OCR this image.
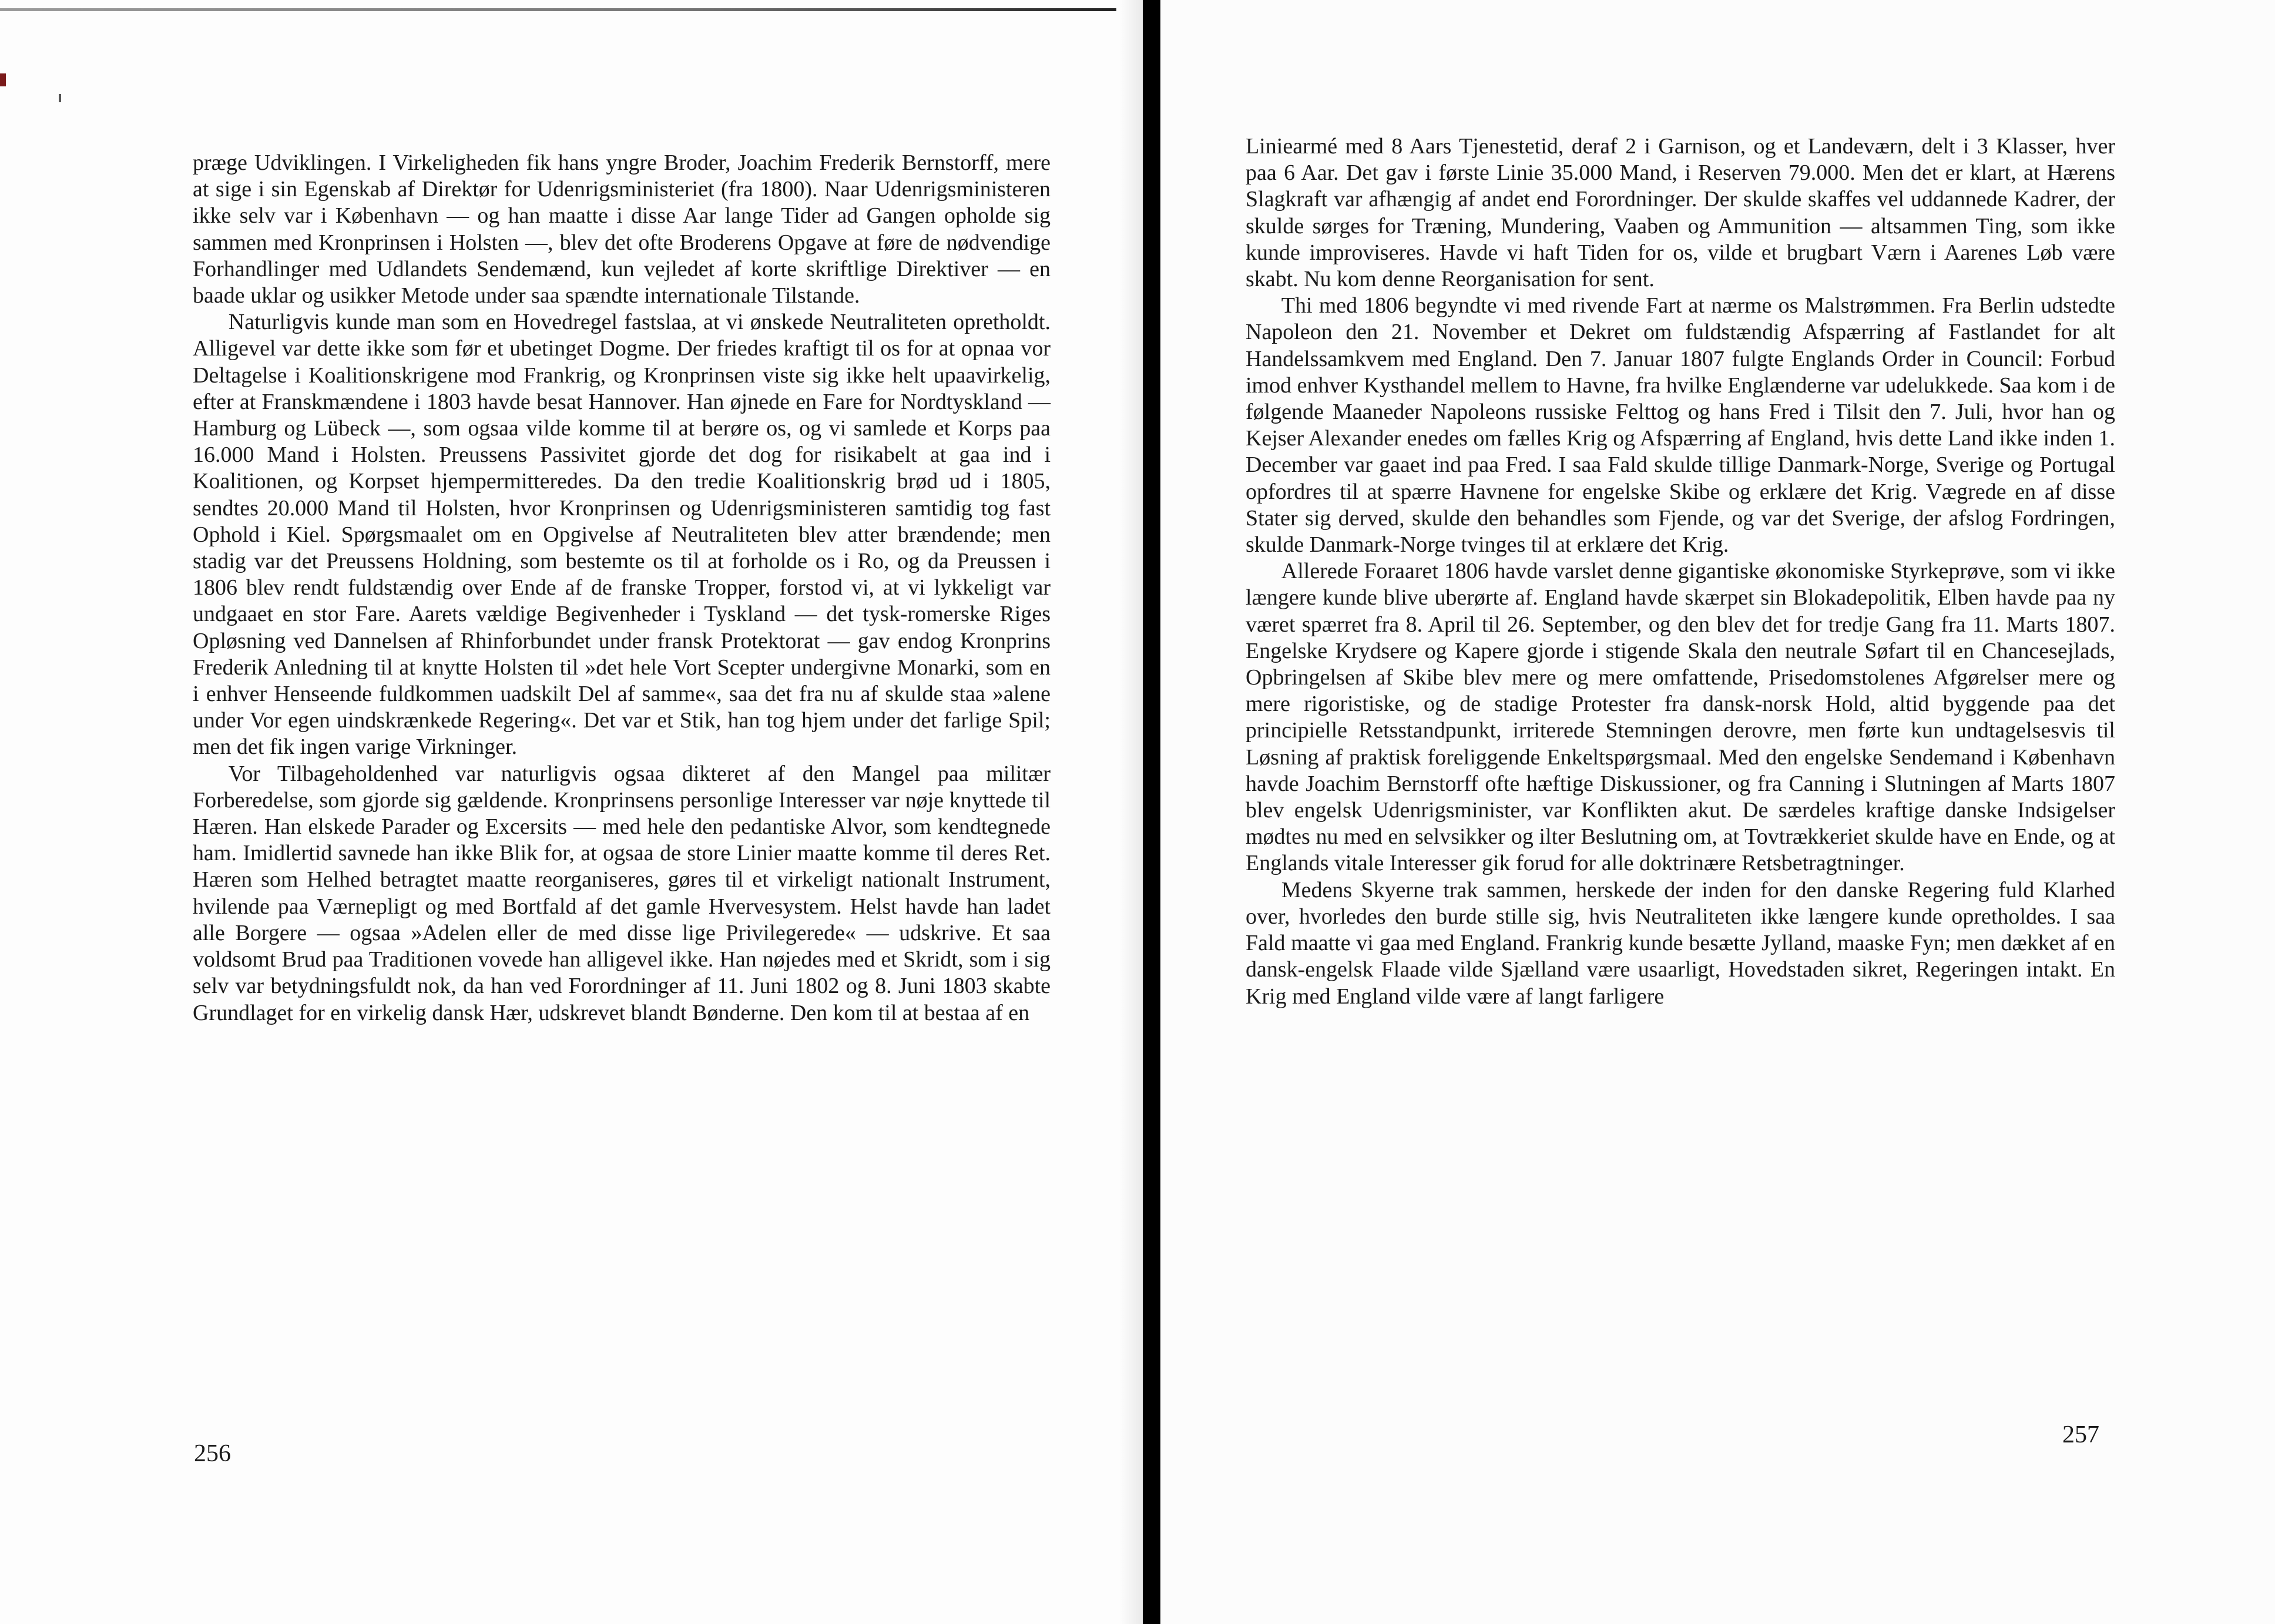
præge Udviklingen. I Virkeligheden fik hans yngre Broder, Joachim Frederik Bernstorff, mere at sige i sin Egenskab af Direktør for Udenrigsministeriet (fra 1800). Naar Udenrigsministeren ikke selv var i København — og han maatte i disse Aar lange Tider ad Gangen opholde sig sammen med Kronprinsen i Holsten —, blev det ofte Broderens Opgave at føre de nødvendige Forhandlinger med Udlandets Sendemænd, kun vejledet af korte skriftlige Direktiver — en baade uklar og usikker Metode under saa spændte internationale Tilstande.

Naturligvis kunde man som en Hovedregel fastslaa, at vi ønskede Neutraliteten opretholdt. Alligevel var dette ikke som før et ubetinget Dogme. Der friedes kraftigt til os for at opnaa vor Deltagelse i Koalitionskrigene mod Frankrig, og Kronprinsen viste sig ikke helt upaavirkelig, efter at Franskmændene i 1803 havde besat Hannover. Han øjnede en Fare for Nordtyskland — Hamburg og Lübeck —, som ogsaa vilde komme til at berøre os, og vi samlede et Korps paa 16.000 Mand i Holsten. Preussens Passivitet gjorde det dog for risikabelt at gaa ind i Koalitionen, og Korpset hjempermitteredes. Da den tredie Koalitionskrig brød ud i 1805, sendtes 20.000 Mand til Holsten, hvor Kronprinsen og Udenrigsministeren samtidig tog fast Ophold i Kiel. Spørgsmaalet om en Opgivelse af Neutraliteten blev atter brændende; men stadig var det Preussens Holdning, som bestemte os til at forholde os i Ro, og da Preussen i 1806 blev rendt fuldstændig over Ende af de franske Tropper, forstod vi, at vi lykkeligt var undgaaet en stor Fare. Aarets vældige Begivenheder i Tyskland — det tysk-romerske Riges Opløsning ved Dannelsen af Rhinforbundet under fransk Protektorat — gav endog Kronprins Frederik Anledning til at knytte Holsten til »det hele Vort Scepter undergivne Monarki, som en i enhver Henseende fuldkommen uadskilt Del af samme«, saa det fra nu af skulde staa »alene under Vor egen uindskrænkede Regering«. Det var et Stik, han tog hjem under det farlige Spil; men det fik ingen varige Virkninger.

Vor Tilbageholdenhed var naturligvis ogsaa dikteret af den Mangel paa militær Forberedelse, som gjorde sig gældende. Kronprinsens personlige Interesser var nøje knyttede til Hæren. Han elskede Parader og Excersits — med hele den pedantiske Alvor, som kendtegnede ham. Imidlertid savnede han ikke Blik for, at ogsaa de store Linier maatte komme til deres Ret. Hæren som Helhed betragtet maatte reorganiseres, gøres til et virkeligt nationalt Instrument, hvilende paa Værnepligt og med Bortfald af det gamle Hvervesystem. Helst havde han ladet alle Borgere — ogsaa »Adelen eller de med disse lige Privilegerede« — udskrive. Et saa voldsomt Brud paa Traditionen vovede han alligevel ikke. Han nøjedes med et Skridt, som i sig selv var betydningsfuldt nok, da han ved Forordninger af 11. Juni 1802 og 8. Juni 1803 skabte Grundlaget for en virkelig dansk Hær, udskrevet blandt Bønderne. Den kom til at bestaa af en

256

Liniearmé med 8 Aars Tjenestetid, deraf 2 i Garnison, og et Landeværn, delt i 3 Klasser, hver paa 6 Aar. Det gav i første Linie 35.000 Mand, i Reserven 79.000. Men det er klart, at Hærens Slagkraft var afhængig af andet end Forordninger. Der skulde skaffes vel uddannede Kadrer, der skulde sørges for Træning, Mundering, Vaaben og Ammunition — altsammen Ting, som ikke kunde improviseres. Havde vi haft Tiden for os, vilde et brugbart Værn i Aarenes Løb være skabt. Nu kom denne Reorganisation for sent.

Thi med 1806 begyndte vi med rivende Fart at nærme os Malstrømmen. Fra Berlin udstedte Napoleon den 21. November et Dekret om fuldstændig Afspærring af Fastlandet for alt Handelssamkvem med England. Den 7. Januar 1807 fulgte Englands Order in Council: Forbud imod enhver Kysthandel mellem to Havne, fra hvilke Englænderne var udelukkede. Saa kom i de følgende Maaneder Napoleons russiske Felttog og hans Fred i Tilsit den 7. Juli, hvor han og Kejser Alexander enedes om fælles Krig og Afspærring af England, hvis dette Land ikke inden 1. December var gaaet ind paa Fred. I saa Fald skulde tillige Danmark-Norge, Sverige og Portugal opfordres til at spærre Havnene for engelske Skibe og erklære det Krig. Vægrede en af disse Stater sig derved, skulde den behandles som Fjende, og var det Sverige, der afslog Fordringen, skulde Danmark-Norge tvinges til at erklære det Krig.

Allerede Foraaret 1806 havde varslet denne gigantiske økonomiske Styrkeprøve, som vi ikke længere kunde blive uberørte af. England havde skærpet sin Blokadepolitik, Elben havde paa ny været spærret fra 8. April til 26. September, og den blev det for tredje Gang fra 11. Marts 1807. Engelske Krydsere og Kapere gjorde i stigende Skala den neutrale Søfart til en Chancesejlads, Opbringelsen af Skibe blev mere og mere omfattende, Prisedomstolenes Afgørelser mere og mere rigoristiske, og de stadige Protester fra dansk-norsk Hold, altid byggende paa det principielle Retsstandpunkt, irriterede Stemningen derovre, men førte kun undtagelsesvis til Løsning af praktisk foreliggende Enkeltspørgsmaal. Med den engelske Sendemand i København havde Joachim Bernstorff ofte hæftige Diskussioner, og fra Canning i Slutningen af Marts 1807 blev engelsk Udenrigsminister, var Konflikten akut. De særdeles kraftige danske Indsigelser mødtes nu med en selvsikker og ilter Beslutning om, at Tovtrækkeriet skulde have en Ende, og at Englands vitale Interesser gik forud for alle doktrinære Retsbetragtninger.

Medens Skyerne trak sammen, herskede der inden for den danske Regering fuld Klarhed over, hvorledes den burde stille sig, hvis Neutraliteten ikke længere kunde opretholdes. I saa Fald maatte vi gaa med England. Frankrig kunde besætte Jylland, maaske Fyn; men dækket af en dansk-engelsk Flaade vilde Sjælland være usaarligt, Hovedstaden sikret, Regeringen intakt. En Krig med England vilde være af langt farligere

257
